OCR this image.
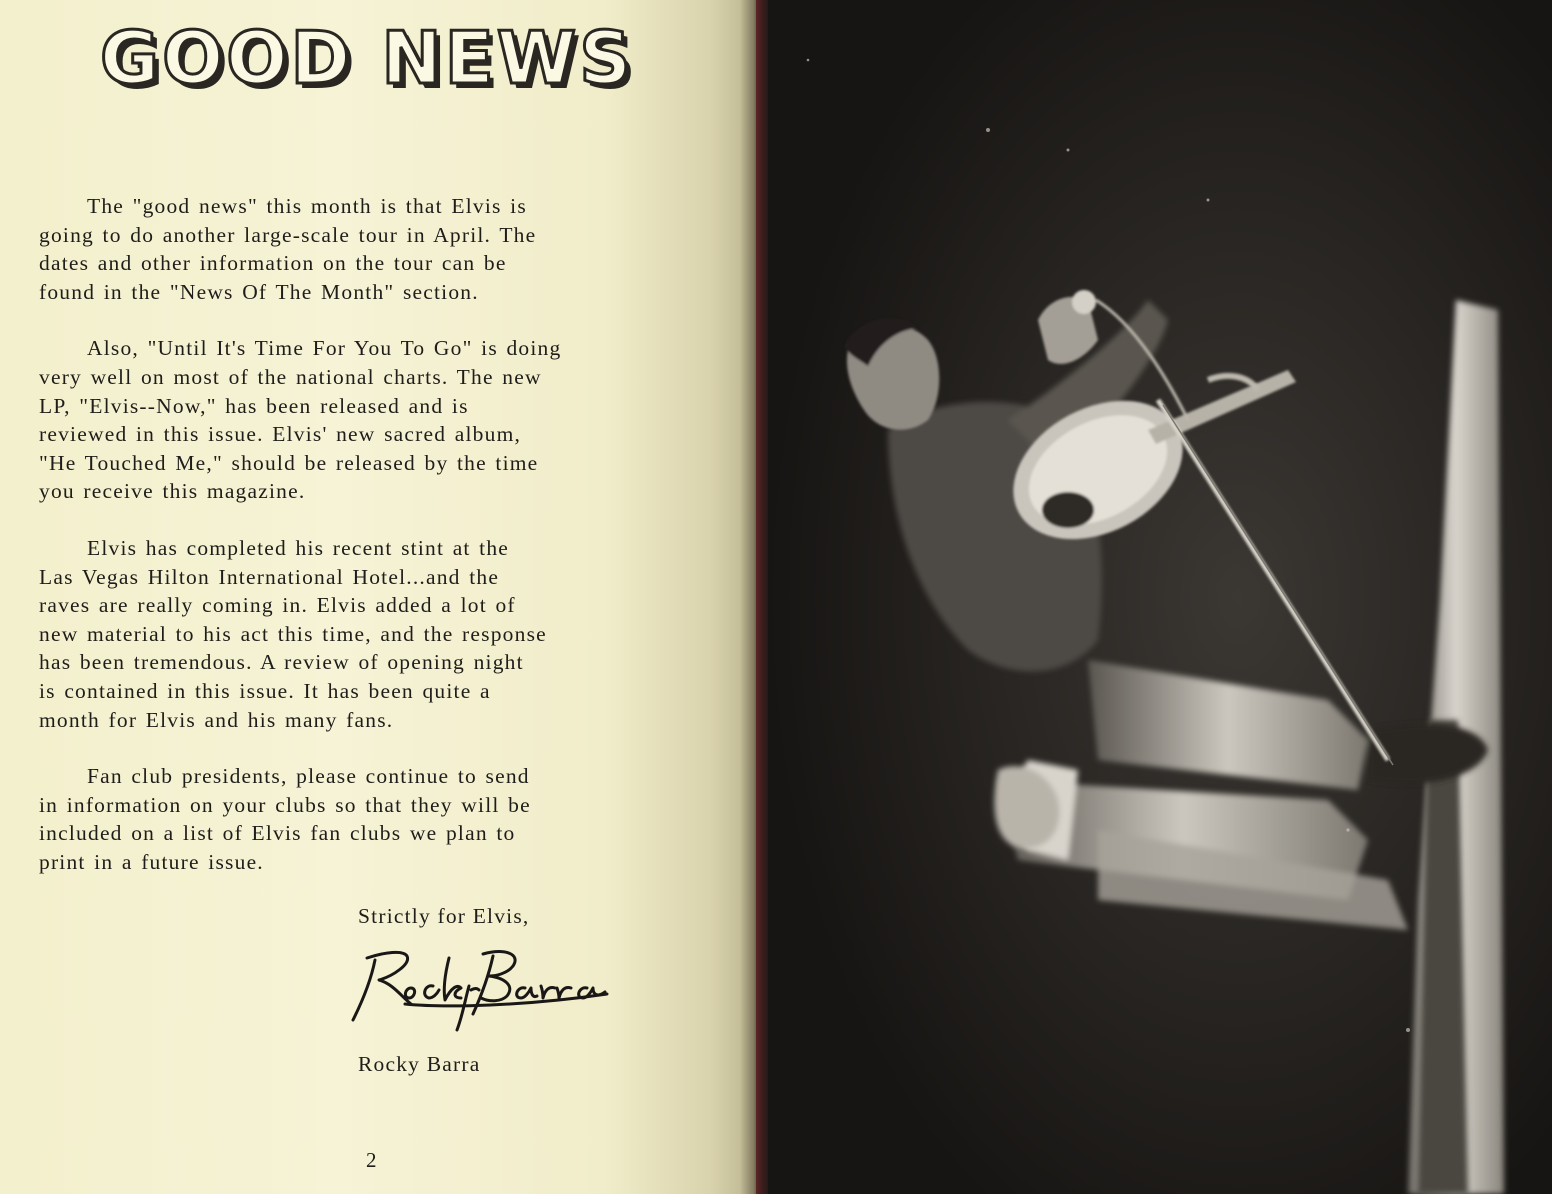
GOOD NEWS

The "good news" this month is that Elvis is
going to do another large-scale tour in April. The
dates and other information on the tour can be
found in the "News Of The Month" section.

Also, "Until It's Time For You To Go" is doing
very well on most of the national charts. The new
LP, "Elvis--Now," has been released and is
reviewed in this issue. Elvis' new sacred album,
"He Touched Me," should be released by the time
you receive this magazine.

Elvis has completed his recent stint at the
Las Vegas Hilton International Hotel...and the
raves are really coming in. Elvis added a lot of
new material to his act this time, and the response
has been tremendous. A review of opening night
is contained in this issue. It has been quite a
month for Elvis and his many fans.

Fan club presidents, please continue to send
in information on your clubs so that they will be
included on a list of Elvis fan clubs we plan to
print in a future issue.

Strictly for Elvis,

Rocky Barra

2
